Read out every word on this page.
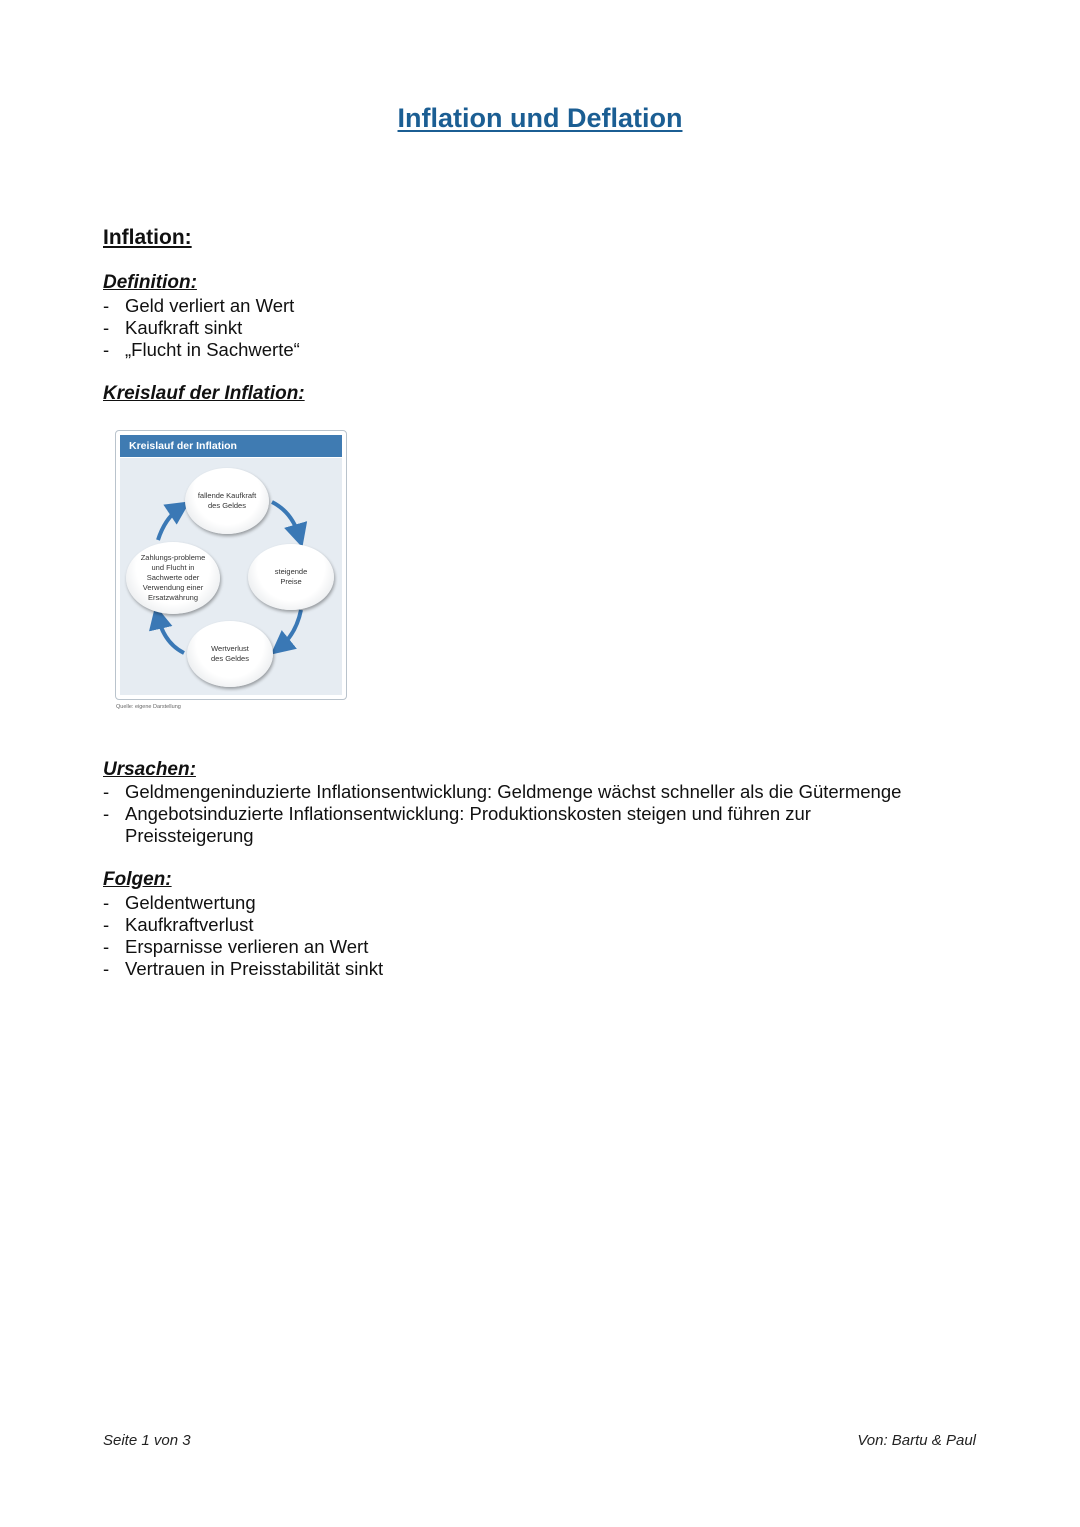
Inflation und Deflation
Inflation:
Definition:
- Geld verliert an Wert
- Kaufkraft sinkt
- „Flucht in Sachwerte“
Kreislauf der Inflation:
Kreislauf der Inflation
fallende Kaufkraft des Geldes
steigende Preise
Wertverlust des Geldes
Zahlungs-probleme und Flucht in Sachwerte oder Verwendung einer Ersatzwährung
Quelle: eigene Darstellung
Ursachen:
- Geldmengeninduzierte Inflationsentwicklung: Geldmenge wächst schneller als die Gütermenge
- Angebotsinduzierte Inflationsentwicklung: Produktionskosten steigen und führen zur Preissteigerung
Folgen:
- Geldentwertung
- Kaufkraftverlust
- Ersparnisse verlieren an Wert
- Vertrauen in Preisstabilität sinkt
Seite 1 von 3	Von: Bartu & Paul
